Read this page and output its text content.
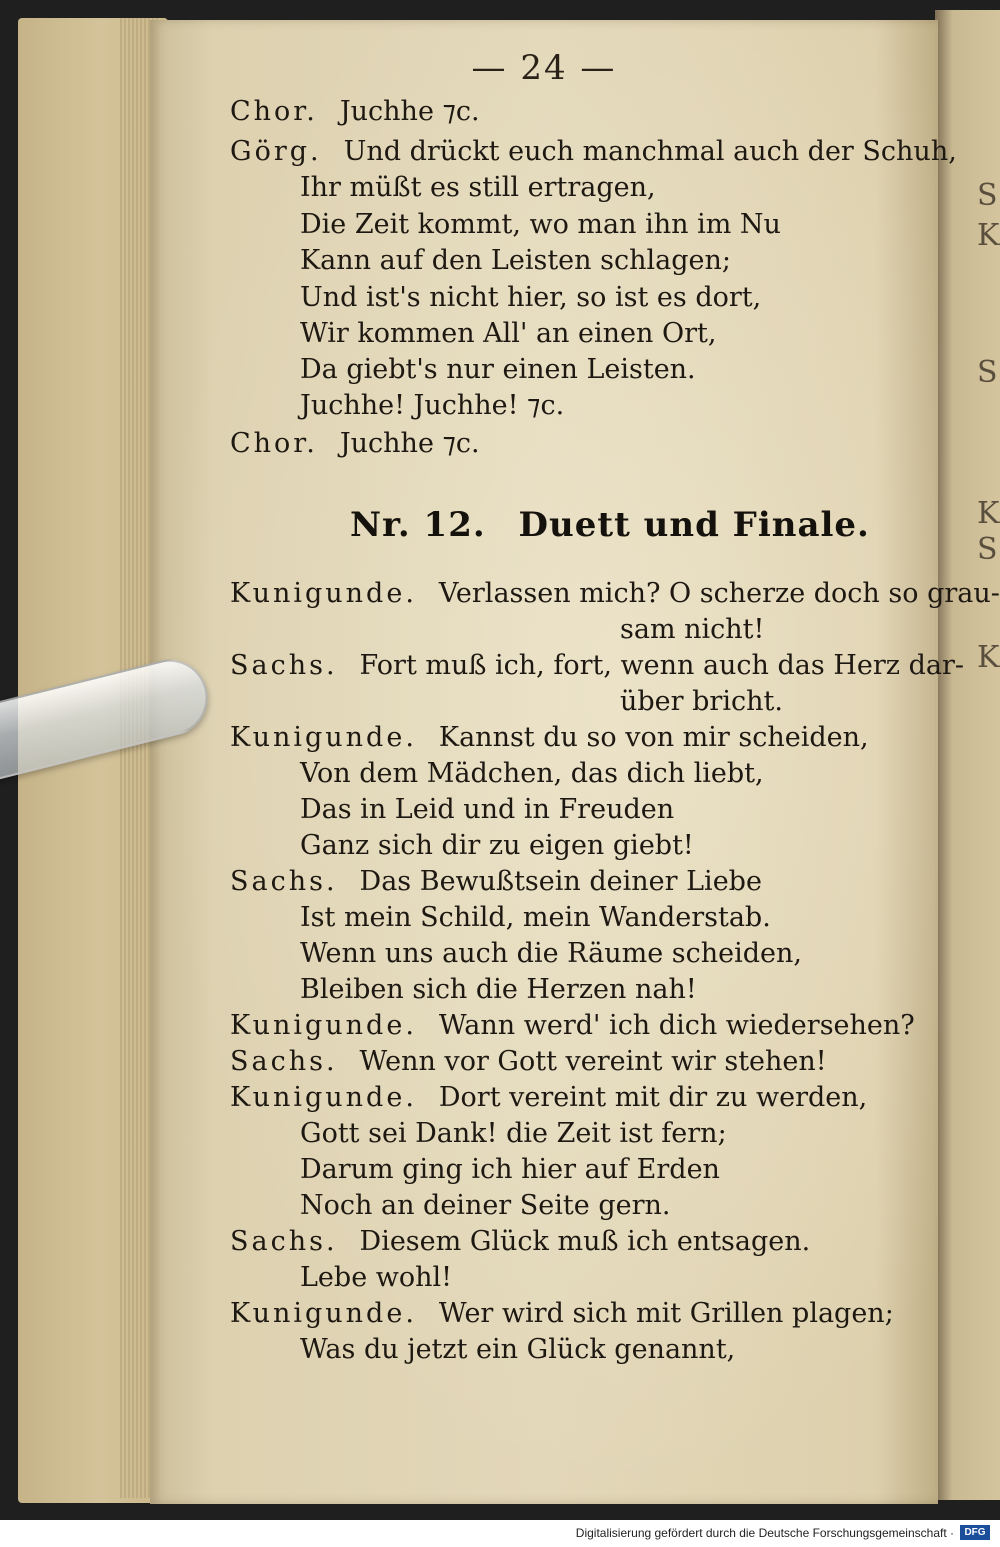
S
K
S
K
S
K
— 24 —
Chor. Juchhe ⁊c.
Görg. Und drückt euch manchmal auch der Schuh,
Ihr müßt es still ertragen,
Die Zeit kommt, wo man ihn im Nu
Kann auf den Leisten schlagen;
Und ist's nicht hier, so ist es dort,
Wir kommen All' an einen Ort,
Da giebt's nur einen Leisten.
Juchhe! Juchhe! ⁊c.
Chor. Juchhe ⁊c.
Kunigunde. Verlassen mich? O scherze doch so grau-
sam nicht!
Sachs. Fort muß ich, fort, wenn auch das Herz dar-
über bricht.
Kunigunde. Kannst du so von mir scheiden,
Von dem Mädchen, das dich liebt,
Das in Leid und in Freuden
Ganz sich dir zu eigen giebt!
Sachs. Das Bewußtsein deiner Liebe
Ist mein Schild, mein Wanderstab.
Wenn uns auch die Räume scheiden,
Bleiben sich die Herzen nah!
Kunigunde. Wann werd' ich dich wiedersehen?
Sachs. Wenn vor Gott vereint wir stehen!
Kunigunde. Dort vereint mit dir zu werden,
Gott sei Dank! die Zeit ist fern;
Darum ging ich hier auf Erden
Noch an deiner Seite gern.
Sachs. Diesem Glück muß ich entsagen.
Lebe wohl!
Kunigunde. Wer wird sich mit Grillen plagen;
Was du jetzt ein Glück genannt,
Nr. 12. Duett und Finale.
Digitalisierung gefördert durch die Deutsche Forschungsgemeinschaft ·	DFG
